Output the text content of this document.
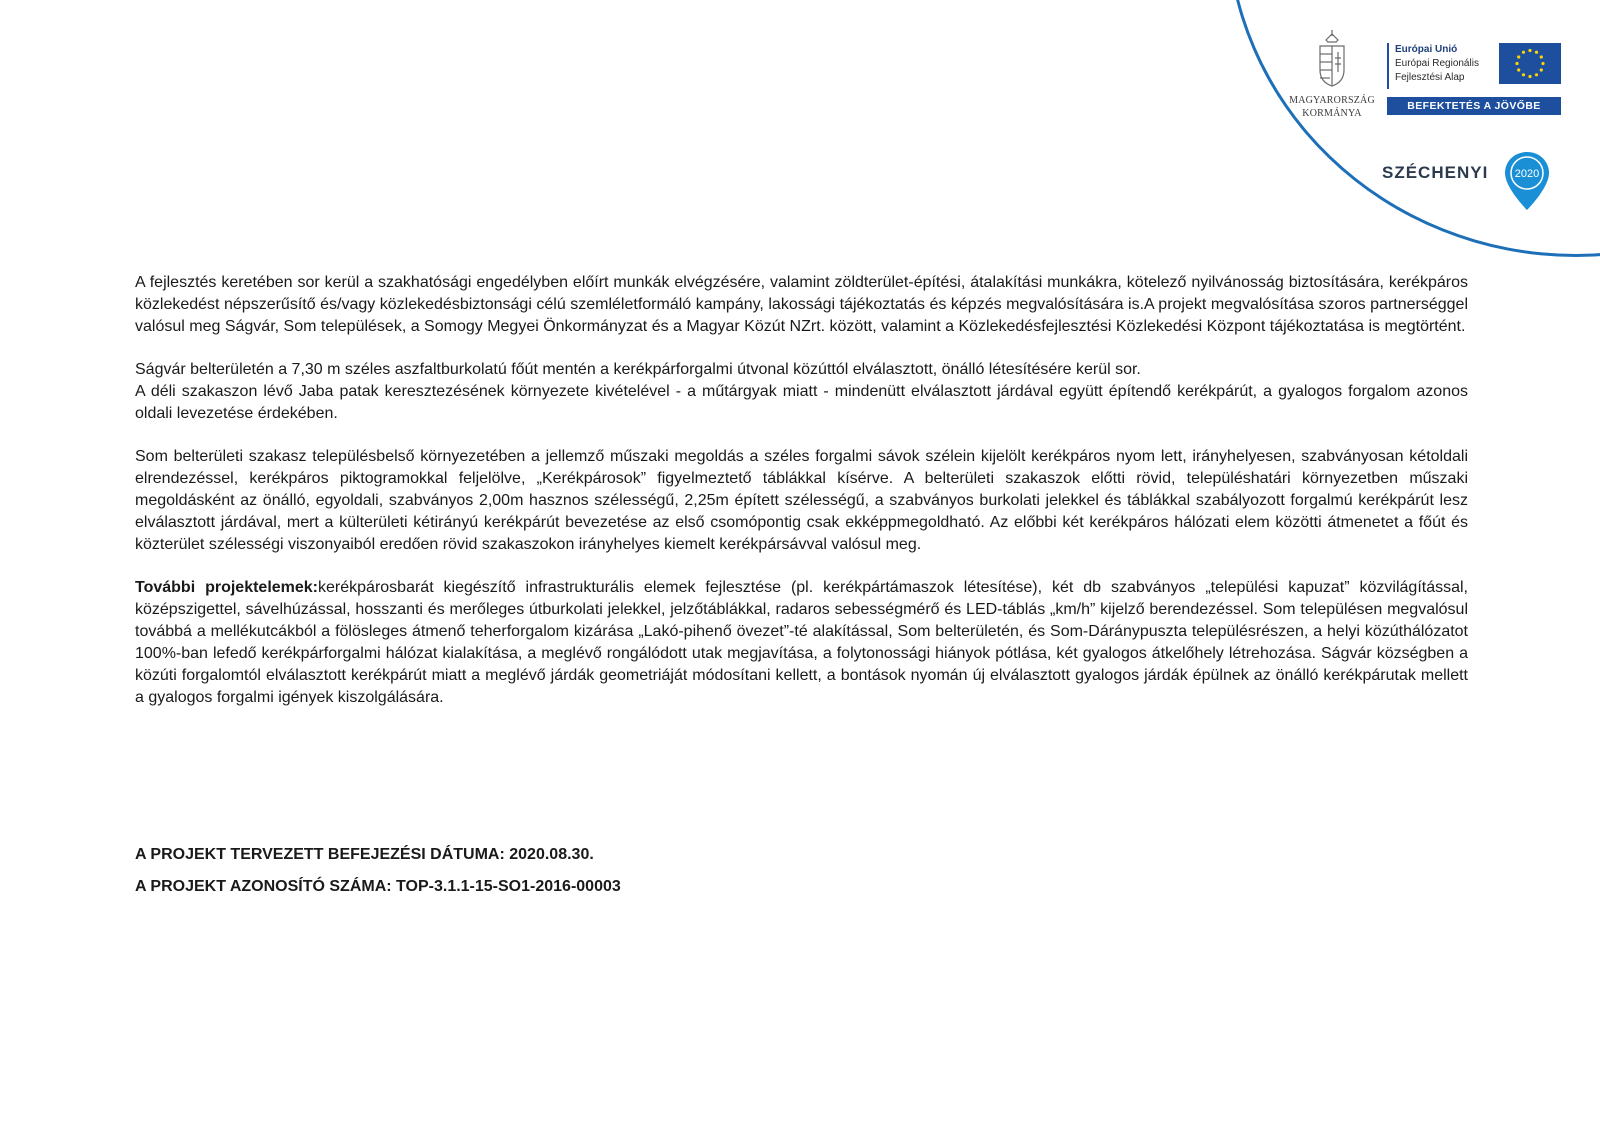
MAGYARORSZÁG
KORMÁNYA
Európai Unió
Európai Regionális
Fejlesztési Alap
BEFEKTETÉS A JÖVŐBE
SZÉCHENYI 2020

A fejlesztés keretében sor kerül a szakhatósági engedélyben előírt munkák elvégzésére, valamint zöldterület-építési, átalakítási munkákra, kötelező nyilvánosság biztosítására, kerékpáros közlekedést népszerűsítő és/vagy közlekedésbiztonsági célú szemléletformáló kampány, lakossági tájékoztatás és képzés megvalósítására is.A projekt megvalósítása szoros partnerséggel valósul meg Ságvár, Som települések, a Somogy Megyei Önkormányzat és a Magyar Közút NZrt. között, valamint a Közlekedésfejlesztési Közlekedési Központ tájékoztatása is megtörtént.

Ságvár belterületén a 7,30 m széles aszfaltburkolatú főút mentén a kerékpárforgalmi útvonal közúttól elválasztott, önálló létesítésére kerül sor.
A déli szakaszon lévő Jaba patak keresztezésének környezete kivételével - a műtárgyak miatt - mindenütt elválasztott járdával együtt építendő kerékpárút, a gyalogos forgalom azonos oldali levezetése érdekében.

Som belterületi szakasz településbelső környezetében a jellemző műszaki megoldás a széles forgalmi sávok szélein kijelölt kerékpáros nyom lett, irányhelyesen, szabványosan kétoldali elrendezéssel, kerékpáros piktogramokkal feljelölve, „Kerékpárosok” figyelmeztető táblákkal kísérve. A belterületi szakaszok előtti rövid, településhatári környezetben műszaki megoldásként az önálló, egyoldali, szabványos 2,00m hasznos szélességű, 2,25m épített szélességű, a szabványos burkolati jelekkel és táblákkal szabályozott forgalmú kerékpárút lesz elválasztott járdával, mert a külterületi kétirányú kerékpárút bevezetése az első csomópontig csak ekképpmegoldható. Az előbbi két kerékpáros hálózati elem közötti átmenetet a főút és közterület szélességi viszonyaiból eredően rövid szakaszokon irányhelyes kiemelt kerékpársávval valósul meg.

További projektelemek:kerékpárosbarát kiegészítő infrastrukturális elemek fejlesztése (pl. kerékpártámaszok létesítése), két db szabványos „települési kapuzat” közvilágítással, középszigettel, sávelhúzással, hosszanti és merőleges útburkolati jelekkel, jelzőtáblákkal, radaros sebességmérő és LED-táblás „km/h” kijelző berendezéssel. Som településen megvalósul továbbá a mellékutcákból a fölösleges átmenő teherforgalom kizárása „Lakó-pihenő övezet”-té alakítással, Som belterületén, és Som-Dáránypuszta településrészen, a helyi közúthálózatot 100%-ban lefedő kerékpárforgalmi hálózat kialakítása, a meglévő rongálódott utak megjavítása, a folytonossági hiányok pótlása, két gyalogos átkelőhely létrehozása. Ságvár községben a közúti forgalomtól elválasztott kerékpárút miatt a meglévő járdák geometriáját módosítani kellett, a bontások nyomán új elválasztott gyalogos járdák épülnek az önálló kerékpárutak mellett a gyalogos forgalmi igények kiszolgálására.

A PROJEKT TERVEZETT BEFEJEZÉSI DÁTUMA: 2020.08.30.
A PROJEKT AZONOSÍTÓ SZÁMA: TOP-3.1.1-15-SO1-2016-00003
